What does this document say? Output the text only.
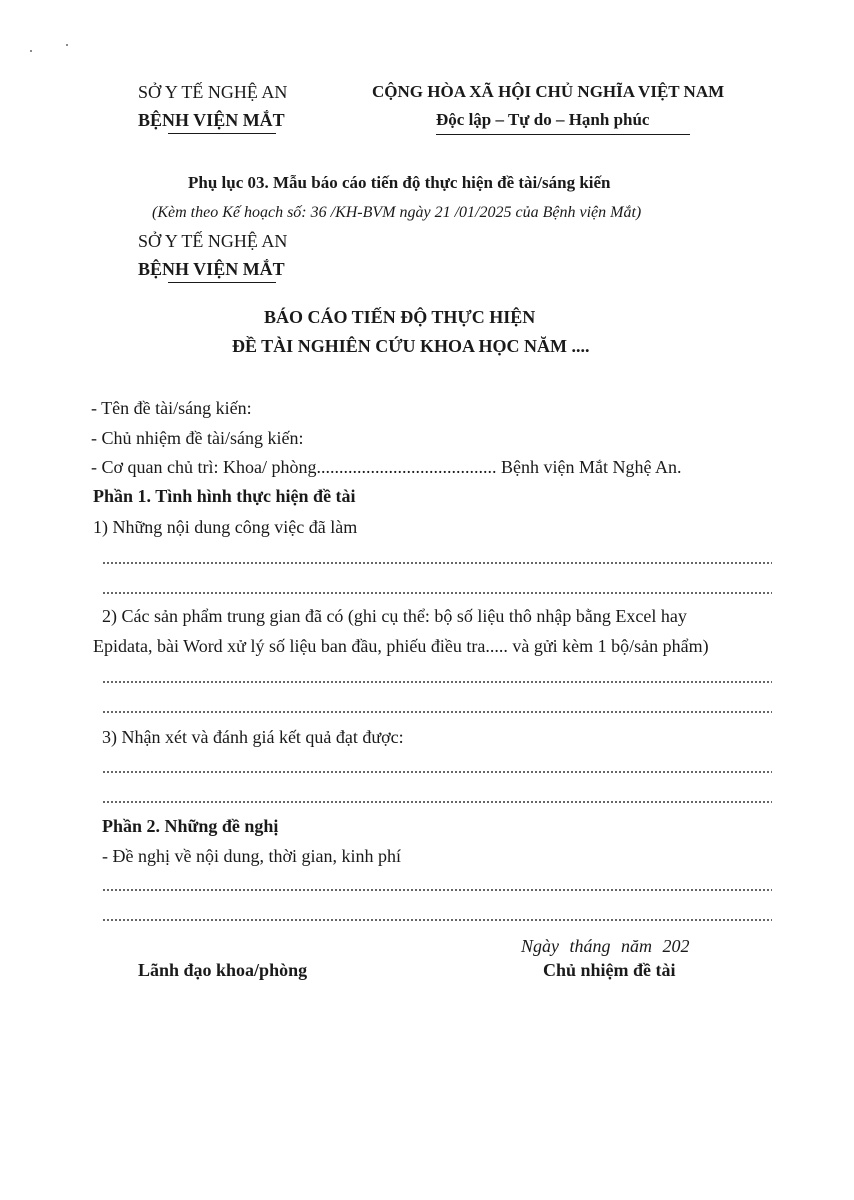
SỞ Y TẾ NGHỆ AN
BỆNH VIỆN MẮT
CỘNG HÒA XÃ HỘI CHỦ NGHĨA VIỆT NAM
Độc lập – Tự do – Hạnh phúc
Phụ lục 03. Mẫu báo cáo tiến độ thực hiện đề tài/sáng kiến
(Kèm theo Kế hoạch số: 36 /KH-BVM ngày 21 /01/2025 của Bệnh viện Mắt)
SỞ Y TẾ NGHỆ AN
BỆNH VIỆN MẮT
BÁO CÁO TIẾN ĐỘ THỰC HIỆN
ĐỀ TÀI NGHIÊN CỨU KHOA HỌC NĂM ....
- Tên đề tài/sáng kiến:
- Chủ nhiệm đề tài/sáng kiến:
- Cơ quan chủ trì: Khoa/ phòng........................................ Bệnh viện Mắt Nghệ An.
Phần 1. Tình hình thực hiện đề tài
1) Những nội dung công việc đã làm
2) Các sản phẩm trung gian đã có (ghi cụ thể: bộ số liệu thô nhập bằng Excel hay
Epidata, bài Word xử lý số liệu ban đầu, phiếu điều tra..... và gửi kèm 1 bộ/sản phẩm)
3) Nhận xét và đánh giá kết quả đạt được:
Phần 2. Những đề nghị
- Đề nghị về nội dung, thời gian, kinh phí
Ngày tháng năm 202
Lãnh đạo khoa/phòng	Chủ nhiệm đề tài
